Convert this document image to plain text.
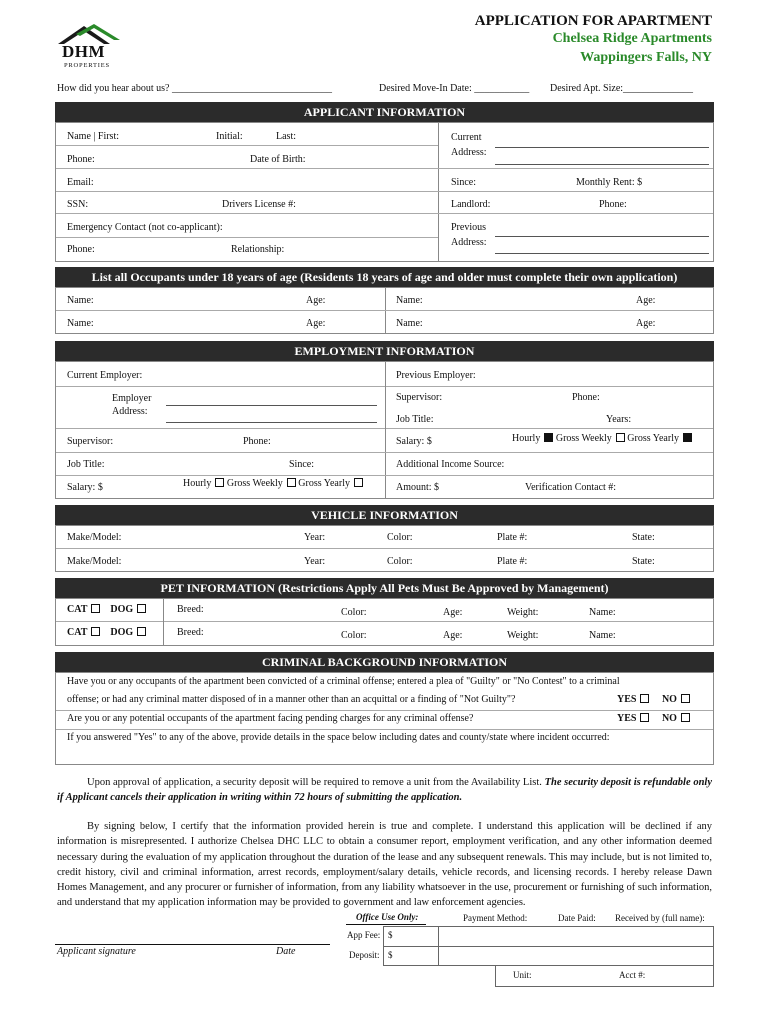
DHM
PROPERTIES
APPLICATION FOR APARTMENT
Chelsea Ridge Apartments
Wappingers Falls, NY
How did you hear about us? ________________________________	Desired Move-In Date: ___________ Desired Apt. Size:______________
APPLICANT INFORMATION
Name | First:	Initial:	Last:
Phone:	Date of Birth:
Email:
SSN:	Drivers License #:
Emergency Contact (not co-applicant):
Phone:	Relationship:
Current
Address:
Since:	Monthly Rent: $
Landlord:	Phone:
Previous
Address:
List all Occupants under 18 years of age (Residents 18 years of age and older must complete their own application)
Name:	Age:	Name:	Age:
Name:	Age:	Name:	Age:
EMPLOYMENT INFORMATION
Current Employer:
Employer
Address:
Supervisor:	Phone:
Job Title:	Since:
Salary: $	Hourly Gross Weekly Gross Yearly
Previous Employer:
Supervisor:	Phone:
Job Title:	Years:
Salary: $	Hourly Gross Weekly Gross Yearly
Additional Income Source:
Amount: $	Verification Contact #:
VEHICLE INFORMATION
Make/Model:	Year:	Color:	Plate #:	State:
Make/Model:	Year:	Color:	Plate #:	State:
PET INFORMATION (Restrictions Apply All Pets Must Be Approved by Management)
CAT DOG	Breed:	Color:	Age:	Weight:	Name:
CAT DOG	Breed:	Color:	Age:	Weight:	Name:
CRIMINAL BACKGROUND INFORMATION
Have you or any occupants of the apartment been convicted of a criminal offense; entered a plea of "Guilty" or "No Contest" to a criminal
offense; or had any criminal matter disposed of in a manner other than an acquittal or a finding of "Not Guilty"?	YES	NO
Are you or any potential occupants of the apartment facing pending charges for any criminal offense?	YES	NO
If you answered "Yes" to any of the above, provide details in the space below including dates and county/state where incident occurred:
Upon approval of application, a security deposit will be required to remove a unit from the Availability List. The security deposit is refundable only if Applicant cancels their application in writing within 72 hours of submitting the application.
By signing below, I certify that the information provided herein is true and complete. I understand this application will be declined if any information is misrepresented. I authorize Chelsea DHC LLC to obtain a consumer report, employment verification, and any other information deemed necessary during the evaluation of my application throughout the duration of the lease and any subsequent renewals. This may include, but is not limited to, credit history, civil and criminal information, arrest records, employment/salary details, vehicle records, and licensing records. I hereby release Dawn Homes Management, and any procurer or furnisher of information, from any liability whatsoever in the use, procurement or furnishing of such information, and understand that my application information may be provided to government and law enforcement agencies.
Applicant signature	Date
Office Use Only:	Payment Method:	Date Paid: Received by (full name):
App Fee: $
Deposit: $
Unit:	Acct #:
